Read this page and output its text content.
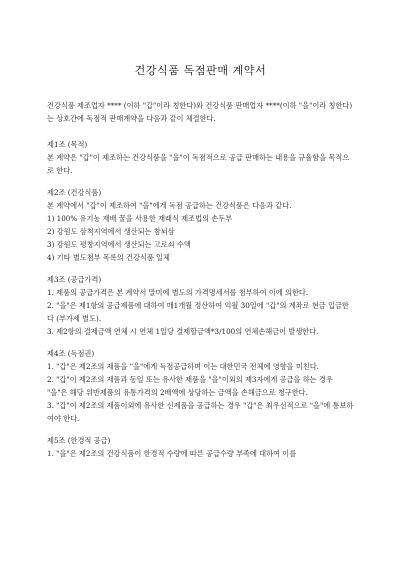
건강식품 독점판매 계약서

건강식품 제조업자 **** (이하 "갑"이라 칭한다)와 건강식품 판매업자 ****(이하 "을"이라 칭한다)는 상호간에 독점적 판매계약을 다음과 같이 체결한다.

제1조 (목적)

본 계약은 "갑"이 제조하는 건강식품을 "을"이 독점적으로 공급 판매하는 내용을 규율함을 목적으로 한다.

제2조 (건강식품)

본 계약에서 "갑"이 제조하여 "을"에게 독점 공급하는 건강식품은 다음과 같다.

1) 100% 유기농 재배 꿀을 사용한 재래식 제조법의 손두부

2) 강원도 삼척지역에서 생산되는 참뇌삼

3) 강원도 평창지역에서 생산되는 고로쇠 수액

4) 기타 별도첨부 목록의 건강식품 일체

제3조 (공급가격)

1. 제품의 공급가격은 본 계약서 말미에 별도의 가격명세서를 첨부하여 이에 의한다.

2. "을"은 제1항의 공급제품에 대하여 매1개월 정산하여 익월 30일에 "갑"의 계좌로 현금 입금한다 (부가세 별도).

3. 제2항의 결제금액 연체 시 연체 1일당 결제할금액*3/100의 연체손해금이 발생한다.

제4조 (독점권)

1. "갑"은 제2조의 제품을 "을"에게 독점공급하며 이는 대한민국 전체에 영향을 미친다.

2. "갑"이 제2조의 제품과 동일 또는 유사한 제품을 "을"이외의 제3자에게 공급을 하는 경우 "을"은 해당 위반제품의 유통가격의 2배액에 상당하는 금액을 손해금으로 청구한다.

3. "갑"이 제2조의 제품이외에 유사한 신제품을 공급하는 경우 "갑"은 최우선적으로 "을"에 통보하여야 한다.

제5조 (한경적 공급)

1. "을"은 제2조의 건강식품이 한경적 수량에 따른 공급수량 부족에 대하여 이를
